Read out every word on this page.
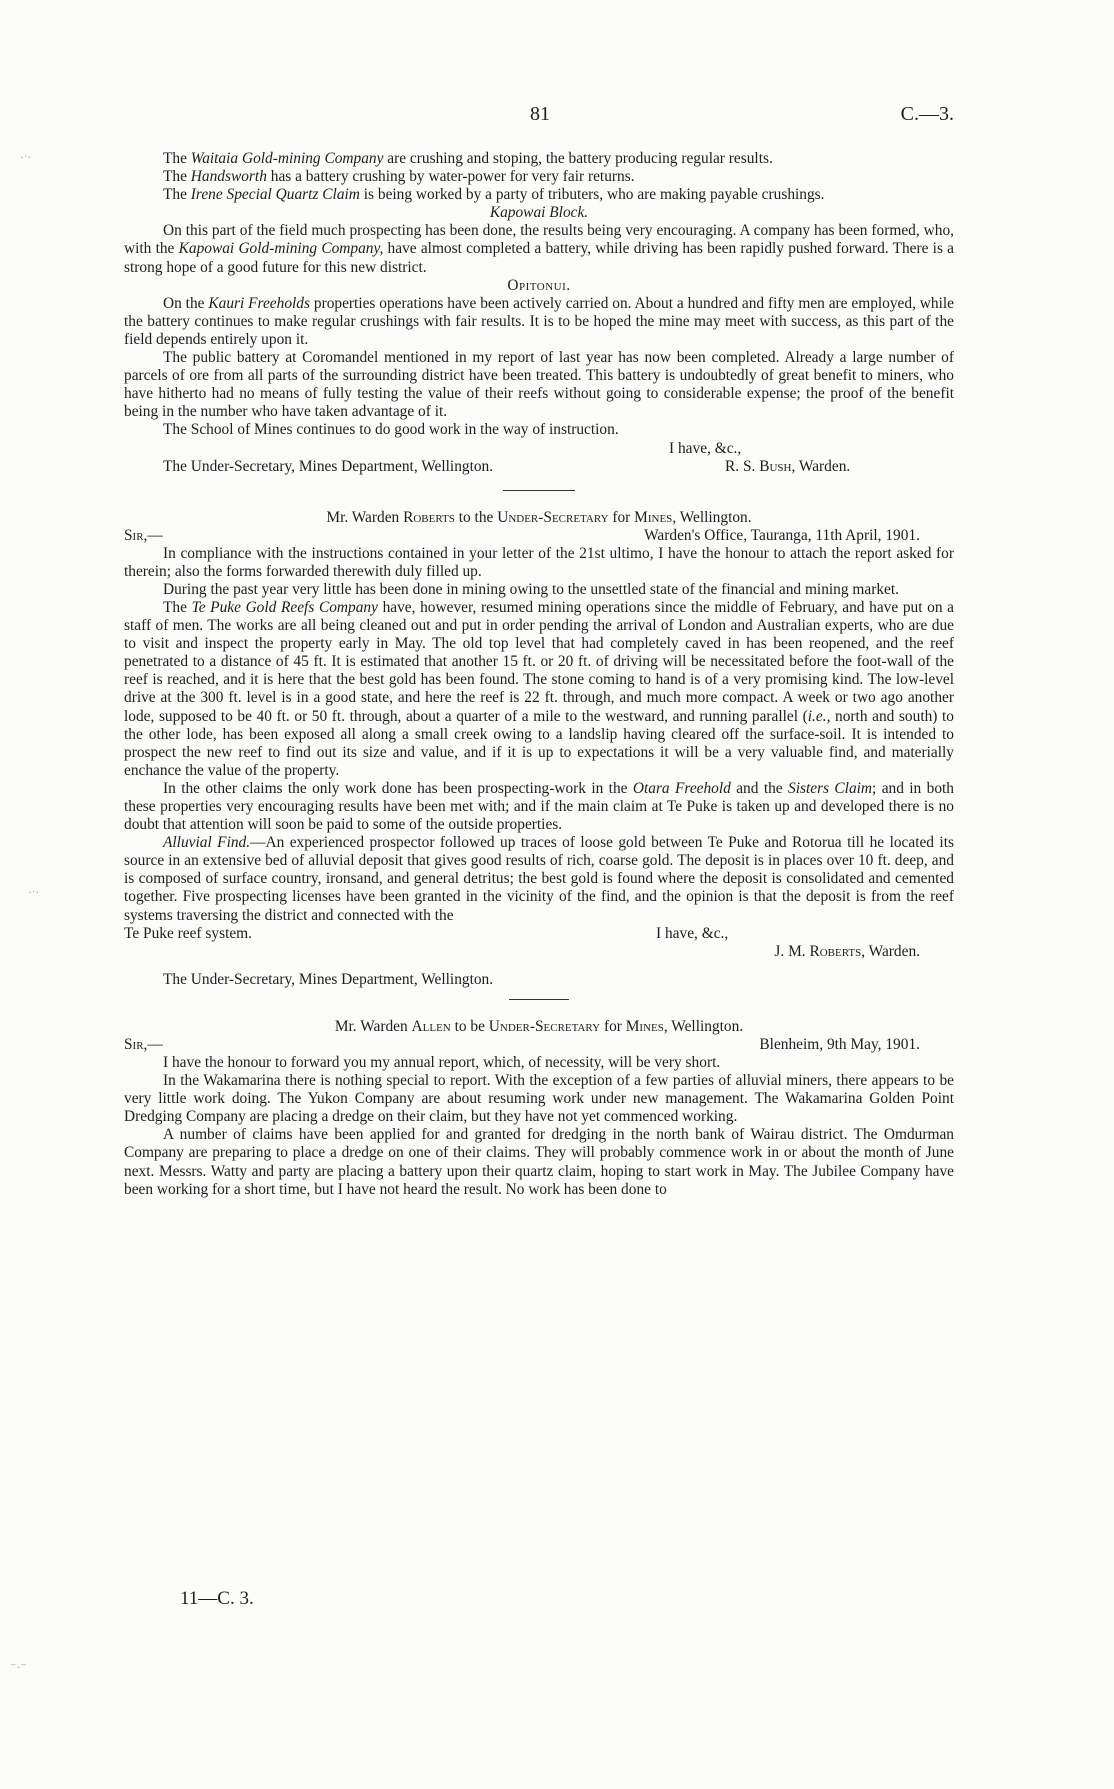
·ˑ·
·ˑ·
⁻·⁻
81	C.—3.

The Waitaia Gold-mining Company are crushing and stoping, the battery producing regular results.

The Handsworth has a battery crushing by water-power for very fair returns.

The Irene Special Quartz Claim is being worked by a party of tributers, who are making payable crushings.

Kapowai Block.

On this part of the field much prospecting has been done, the results being very encouraging. A company has been formed, who, with the Kapowai Gold-mining Company, have almost completed a battery, while driving has been rapidly pushed forward. There is a strong hope of a good future for this new district.

Opitonui.

On the Kauri Freeholds properties operations have been actively carried on. About a hundred and fifty men are employed, while the battery continues to make regular crushings with fair results. It is to be hoped the mine may meet with success, as this part of the field depends entirely upon it.

The public battery at Coromandel mentioned in my report of last year has now been completed. Already a large number of parcels of ore from all parts of the surrounding district have been treated. This battery is undoubtedly of great benefit to miners, who have hitherto had no means of fully testing the value of their reefs without going to considerable expense; the proof of the benefit being in the number who have taken advantage of it.

The School of Mines continues to do good work in the way of instruction.

I have, &c.,

The Under-Secretary, Mines Department, Wellington.	R. S. Bush, Warden.

Mr. Warden Roberts to the Under-Secretary for Mines, Wellington.

Sir,—	Warden's Office, Tauranga, 11th April, 1901.

In compliance with the instructions contained in your letter of the 21st ultimo, I have the honour to attach the report asked for therein; also the forms forwarded therewith duly filled up.

During the past year very little has been done in mining owing to the unsettled state of the financial and mining market.

The Te Puke Gold Reefs Company have, however, resumed mining operations since the middle of February, and have put on a staff of men. The works are all being cleaned out and put in order pending the arrival of London and Australian experts, who are due to visit and inspect the property early in May. The old top level that had completely caved in has been reopened, and the reef penetrated to a distance of 45 ft. It is estimated that another 15 ft. or 20 ft. of driving will be necessitated before the foot-wall of the reef is reached, and it is here that the best gold has been found. The stone coming to hand is of a very promising kind. The low-level drive at the 300 ft. level is in a good state, and here the reef is 22 ft. through, and much more compact. A week or two ago another lode, supposed to be 40 ft. or 50 ft. through, about a quarter of a mile to the westward, and running parallel (i.e., north and south) to the other lode, has been exposed all along a small creek owing to a landslip having cleared off the surface-soil. It is intended to prospect the new reef to find out its size and value, and if it is up to expectations it will be a very valuable find, and materially enchance the value of the property.

In the other claims the only work done has been prospecting-work in the Otara Freehold and the Sisters Claim; and in both these properties very encouraging results have been met with; and if the main claim at Te Puke is taken up and developed there is no doubt that attention will soon be paid to some of the outside properties.

Alluvial Find.—An experienced prospector followed up traces of loose gold between Te Puke and Rotorua till he located its source in an extensive bed of alluvial deposit that gives good results of rich, coarse gold. The deposit is in places over 10 ft. deep, and is composed of surface country, ironsand, and general detritus; the best gold is found where the deposit is consolidated and cemented together. Five prospecting licenses have been granted in the vicinity of the find, and the opinion is that the deposit is from the reef systems traversing the district and connected with the

Te Puke reef system.	I have, &c.,

J. M. Roberts, Warden.

The Under-Secretary, Mines Department, Wellington.

Mr. Warden Allen to be Under-Secretary for Mines, Wellington.

Sir,—	Blenheim, 9th May, 1901.

I have the honour to forward you my annual report, which, of necessity, will be very short.

In the Wakamarina there is nothing special to report. With the exception of a few parties of alluvial miners, there appears to be very little work doing. The Yukon Company are about resuming work under new management. The Wakamarina Golden Point Dredging Company are placing a dredge on their claim, but they have not yet commenced working.

A number of claims have been applied for and granted for dredging in the north bank of Wairau district. The Omdurman Company are preparing to place a dredge on one of their claims. They will probably commence work in or about the month of June next. Messrs. Watty and party are placing a battery upon their quartz claim, hoping to start work in May. The Jubilee Company have been working for a short time, but I have not heard the result. No work has been done to

11—C. 3.
